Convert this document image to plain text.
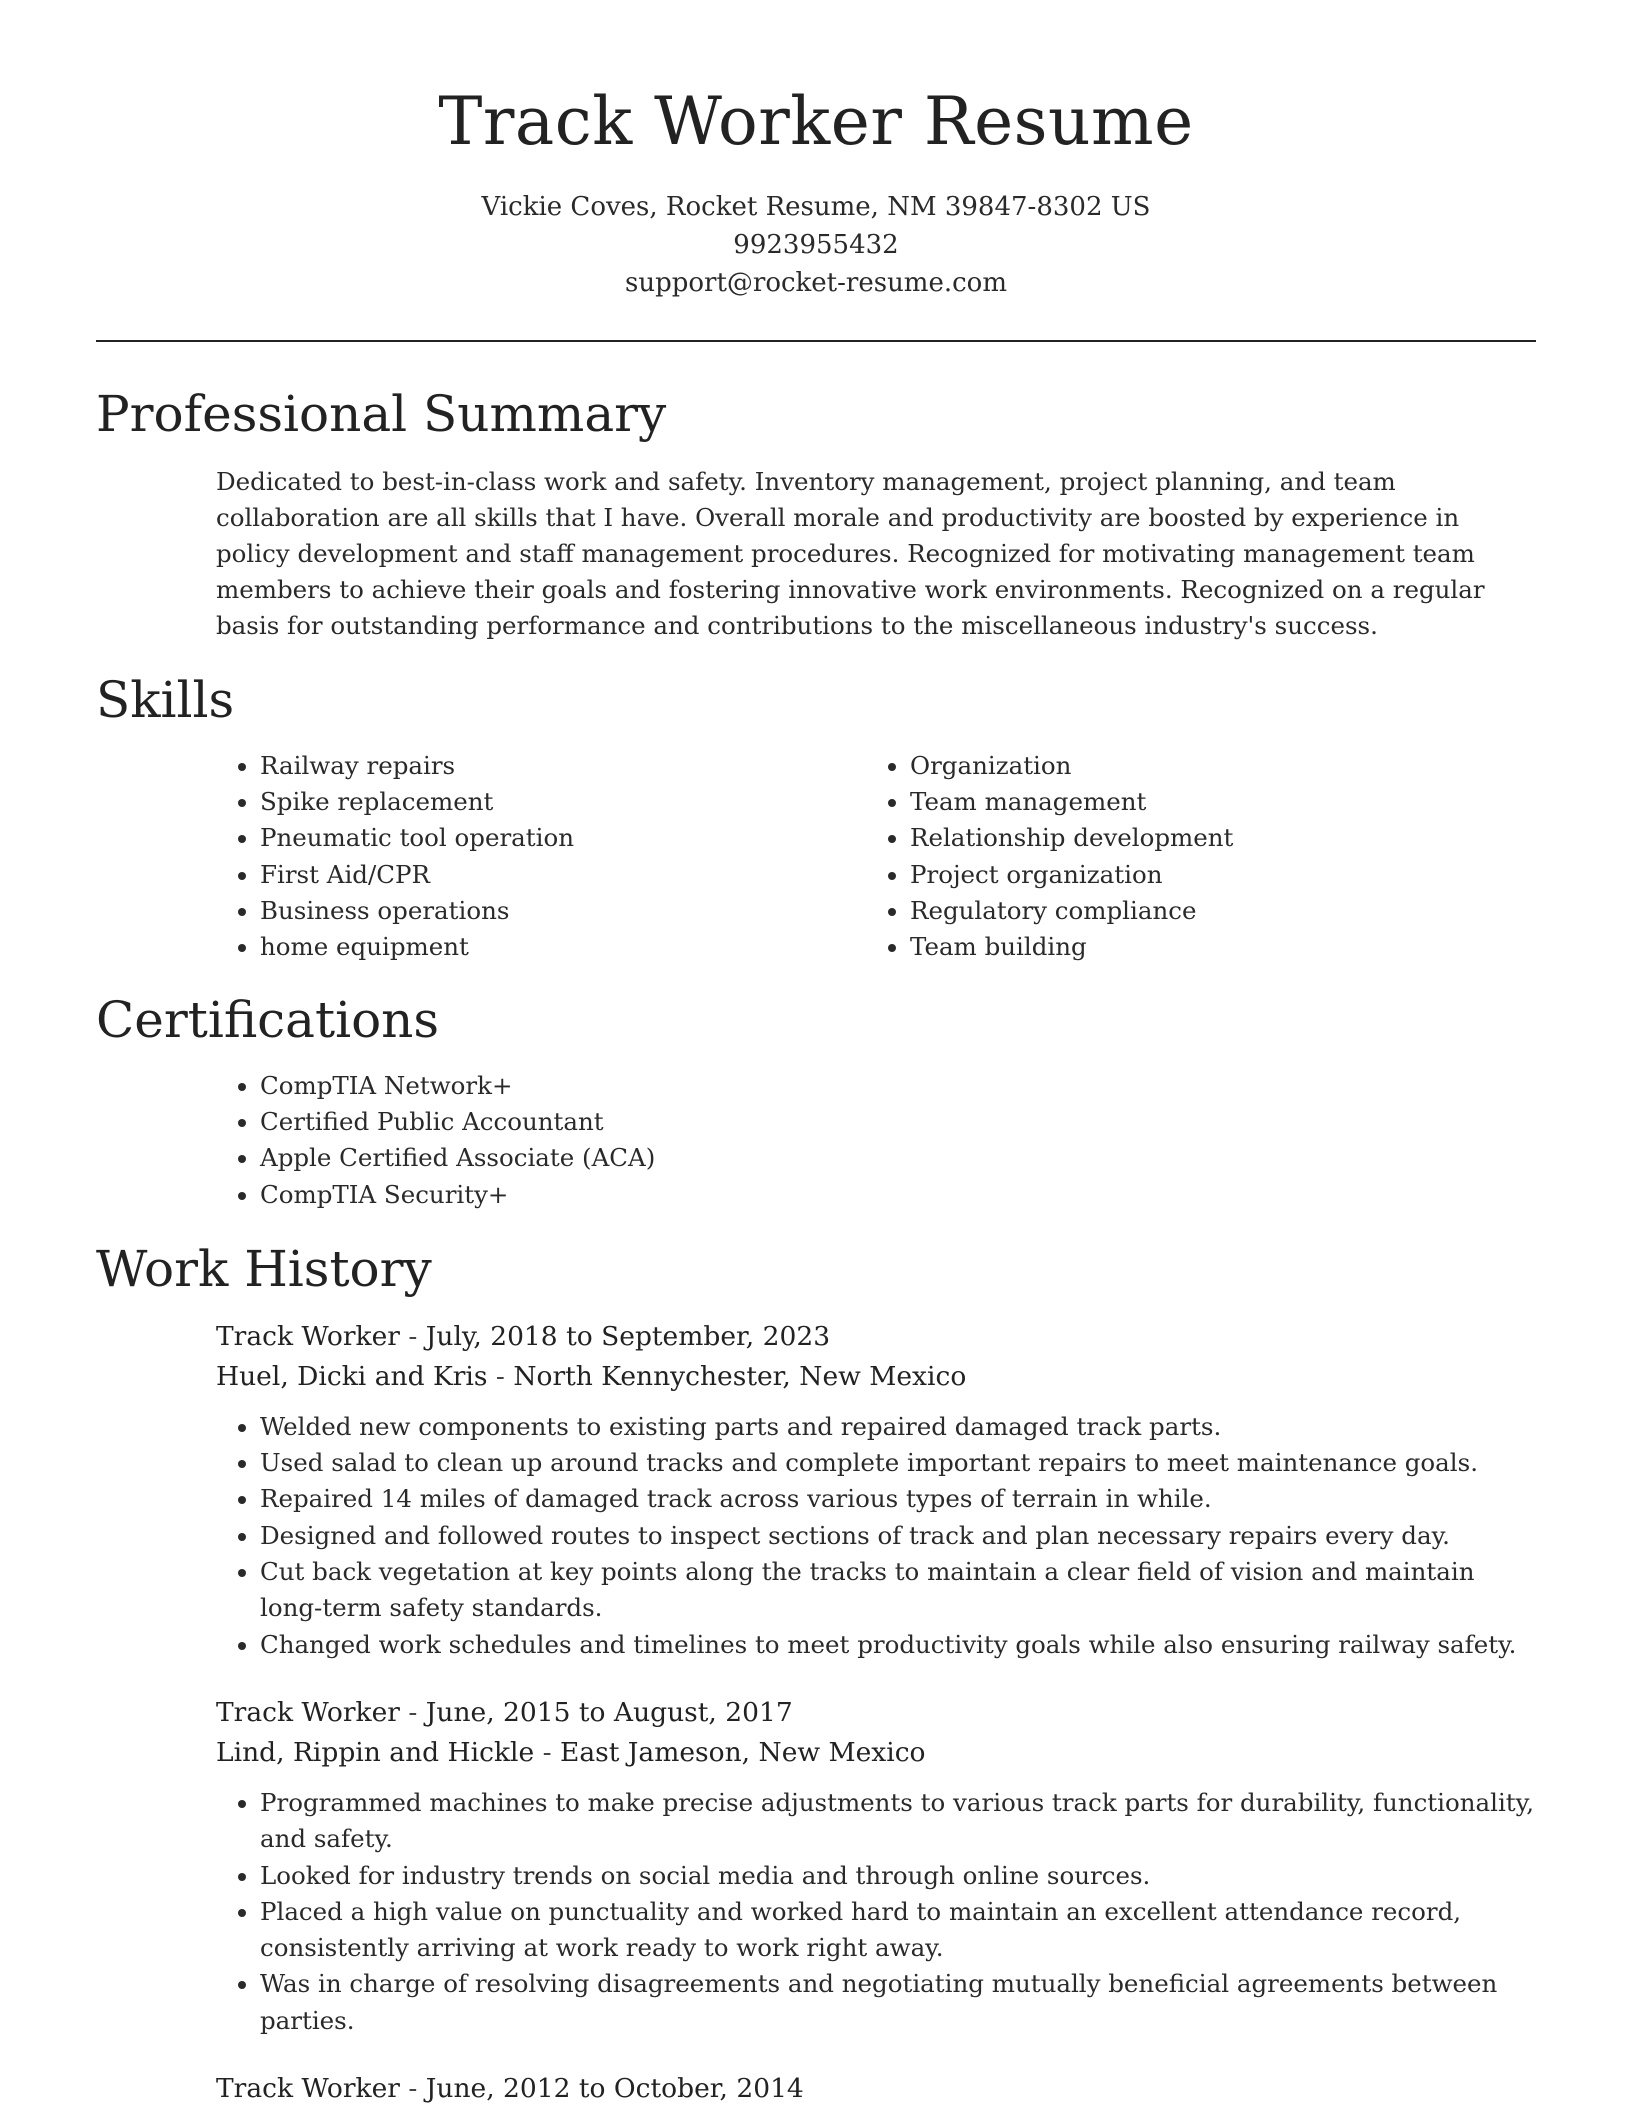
Track Worker Resume
Vickie Coves, Rocket Resume, NM 39847-8302 US
9923955432
support@rocket-resume.com
Professional Summary

Dedicated to best-in-class work and safety. Inventory management, project planning, and team collaboration are all skills that I have. Overall morale and productivity are boosted by experience in policy development and staff management procedures. Recognized for motivating management team members to achieve their goals and fostering innovative work environments. Recognized on a regular basis for outstanding performance and contributions to the miscellaneous industry's success.

Skills
• Railway repairs
• Spike replacement
• Pneumatic tool operation
• First Aid/CPR
• Business operations
• home equipment
• Organization
• Team management
• Relationship development
• Project organization
• Regulatory compliance
• Team building
Certifications
• CompTIA Network+
• Certified Public Accountant
• Apple Certified Associate (ACA)
• CompTIA Security+
Work History
Track Worker - July, 2018 to September, 2023
Huel, Dicki and Kris - North Kennychester, New Mexico
• Welded new components to existing parts and repaired damaged track parts.
• Used salad to clean up around tracks and complete important repairs to meet maintenance goals.
• Repaired 14 miles of damaged track across various types of terrain in while.
• Designed and followed routes to inspect sections of track and plan necessary repairs every day.
• Cut back vegetation at key points along the tracks to maintain a clear field of vision and maintain long-term safety standards.
• Changed work schedules and timelines to meet productivity goals while also ensuring railway safety.
Track Worker - June, 2015 to August, 2017
Lind, Rippin and Hickle - East Jameson, New Mexico
• Programmed machines to make precise adjustments to various track parts for durability, functionality, and safety.
• Looked for industry trends on social media and through online sources.
• Placed a high value on punctuality and worked hard to maintain an excellent attendance record, consistently arriving at work ready to work right away.
• Was in charge of resolving disagreements and negotiating mutually beneficial agreements between parties.
Track Worker - June, 2012 to October, 2014
